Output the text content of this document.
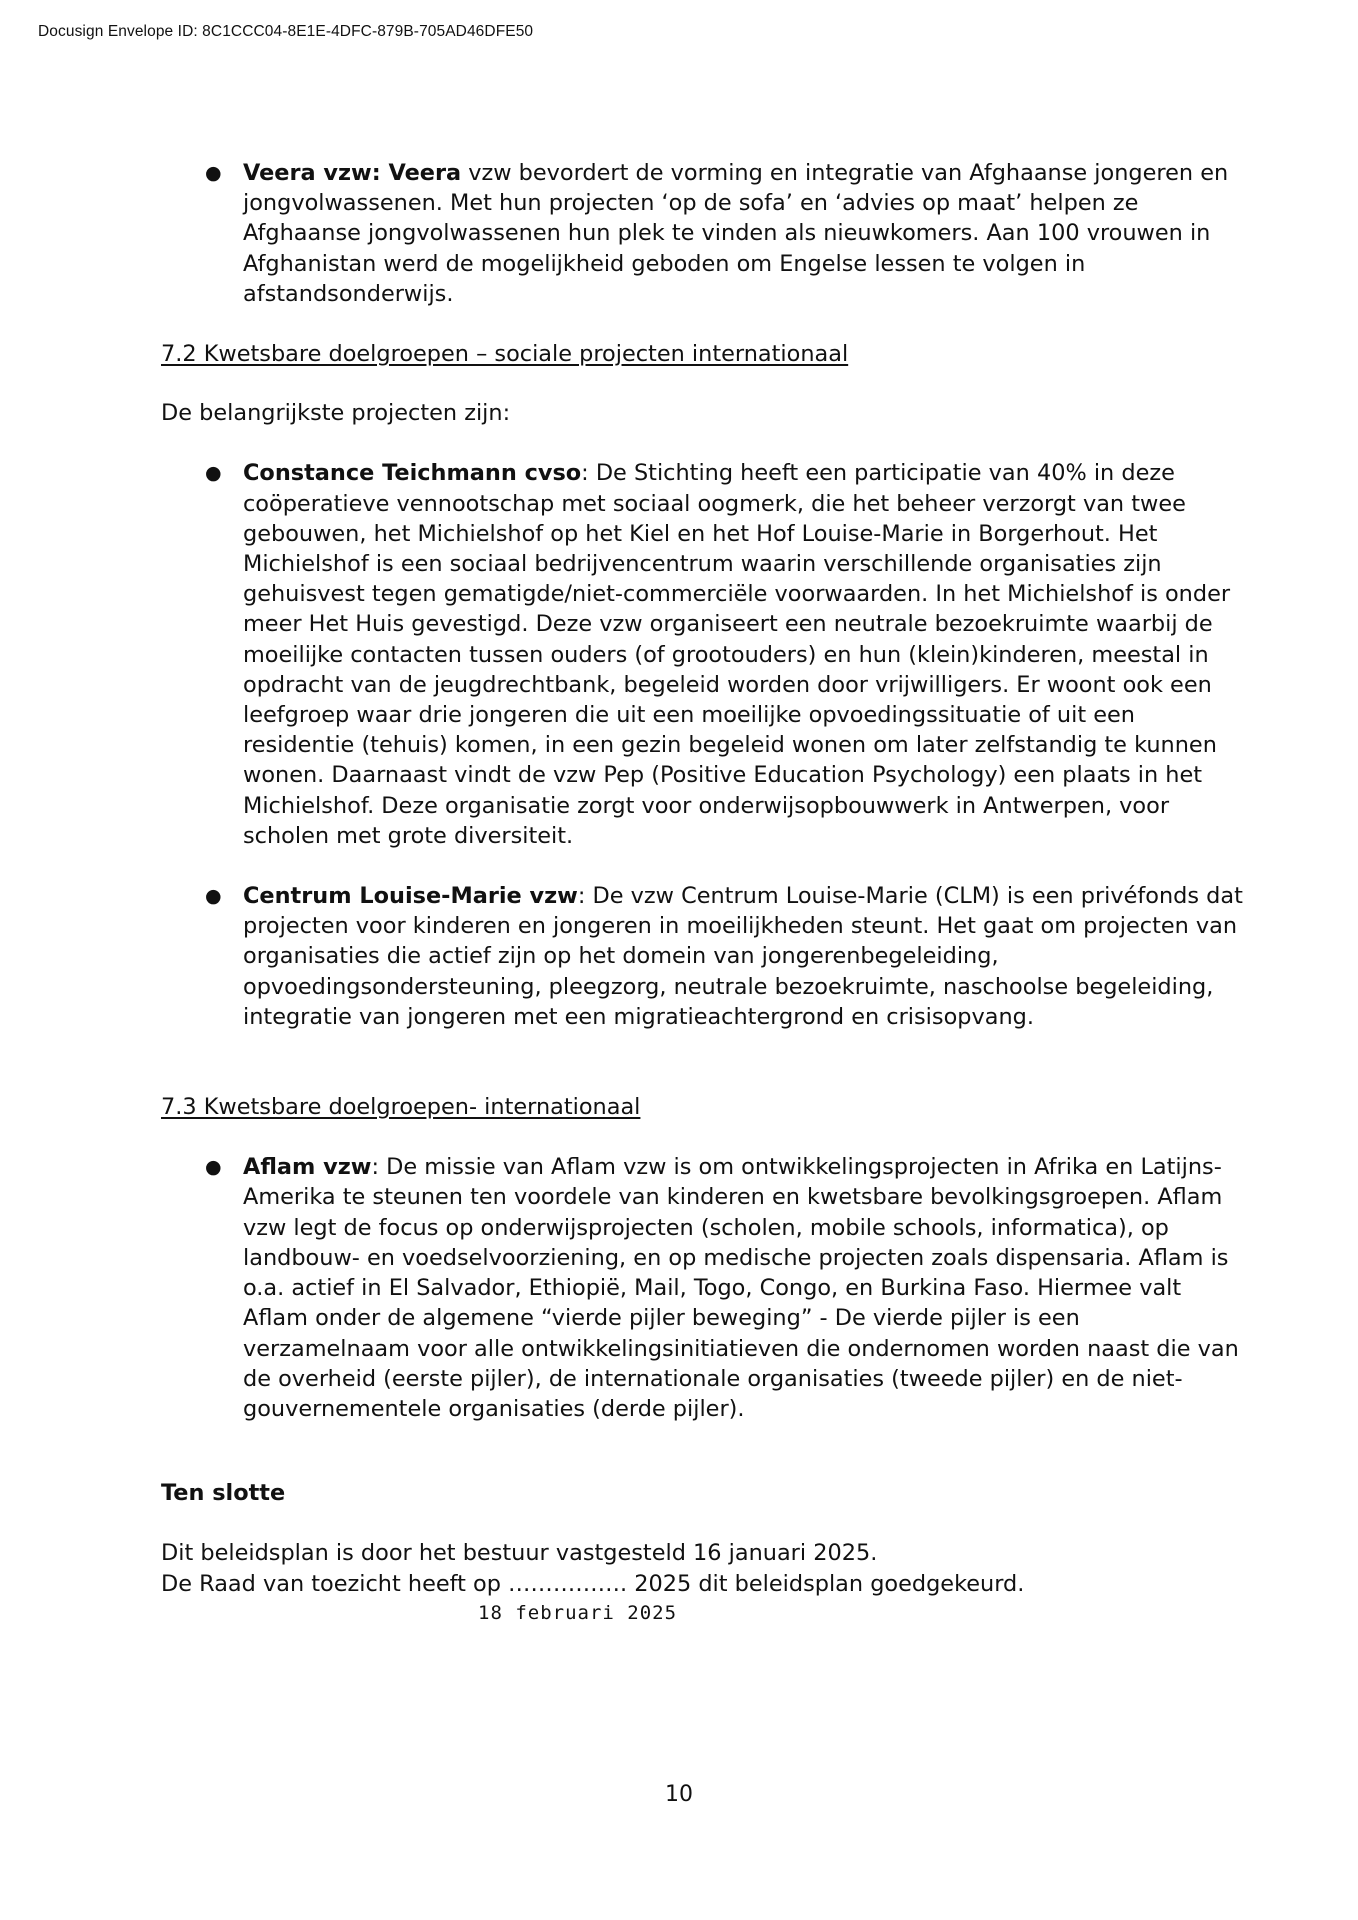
Docusign Envelope ID: 8C1CCC04-8E1E-4DFC-879B-705AD46DFE50
● Veera vzw: Veera vzw bevordert de vorming en integratie van Afghaanse jongeren en jongvolwassenen. Met hun projecten ‘op de sofa’ en ‘advies op maat’ helpen ze Afghaanse jongvolwassenen hun plek te vinden als nieuwkomers. Aan 100 vrouwen in Afghanistan werd de mogelijkheid geboden om Engelse lessen te volgen in afstandsonderwijs.

7.2 Kwetsbare doelgroepen – sociale projecten internationaal

De belangrijkste projecten zijn:

● Constance Teichmann cvso: De Stichting heeft een participatie van 40% in deze coöperatieve vennootschap met sociaal oogmerk, die het beheer verzorgt van twee gebouwen, het Michielshof op het Kiel en het Hof Louise-Marie in Borgerhout. Het Michielshof is een sociaal bedrijvencentrum waarin verschillende organisaties zijn gehuisvest tegen gematigde/niet-commerciële voorwaarden. In het Michielshof is onder meer Het Huis gevestigd. Deze vzw organiseert een neutrale bezoekruimte waarbij de moeilijke contacten tussen ouders (of grootouders) en hun (klein)kinderen, meestal in opdracht van de jeugdrechtbank, begeleid worden door vrijwilligers. Er woont ook een leefgroep waar drie jongeren die uit een moeilijke opvoedingssituatie of uit een residentie (tehuis) komen, in een gezin begeleid wonen om later zelfstandig te kunnen wonen. Daarnaast vindt de vzw Pep (Positive Education Psychology) een plaats in het Michielshof. Deze organisatie zorgt voor onderwijsopbouwwerk in Antwerpen, voor scholen met grote diversiteit.
● Centrum Louise-Marie vzw: De vzw Centrum Louise-Marie (CLM) is een privéfonds dat projecten voor kinderen en jongeren in moeilijkheden steunt. Het gaat om projecten van organisaties die actief zijn op het domein van jongerenbegeleiding, opvoedingsondersteuning, pleegzorg, neutrale bezoekruimte, naschoolse begeleiding, integratie van jongeren met een migratieachtergrond en crisisopvang.

7.3 Kwetsbare doelgroepen- internationaal

● Aflam vzw: De missie van Aflam vzw is om ontwikkelingsprojecten in Afrika en Latijns-Amerika te steunen ten voordele van kinderen en kwetsbare bevolkingsgroepen. Aflam vzw legt de focus op onderwijsprojecten (scholen, mobile schools, informatica), op landbouw- en voedselvoorziening, en op medische projecten zoals dispensaria. Aflam is o.a. actief in El Salvador, Ethiopië, Mail, Togo, Congo, en Burkina Faso. Hiermee valt Aflam onder de algemene “vierde pijler beweging” - De vierde pijler is een verzamelnaam voor alle ontwikkelingsinitiatieven die ondernomen worden naast die van de overheid (eerste pijler), de internationale organisaties (tweede pijler) en de niet-gouvernementele organisaties (derde pijler).

Ten slotte

Dit beleidsplan is door het bestuur vastgesteld 16 januari 2025.

De Raad van toezicht heeft op ……………. 2025 dit beleidsplan goedgekeurd.

18 februari 2025
10
